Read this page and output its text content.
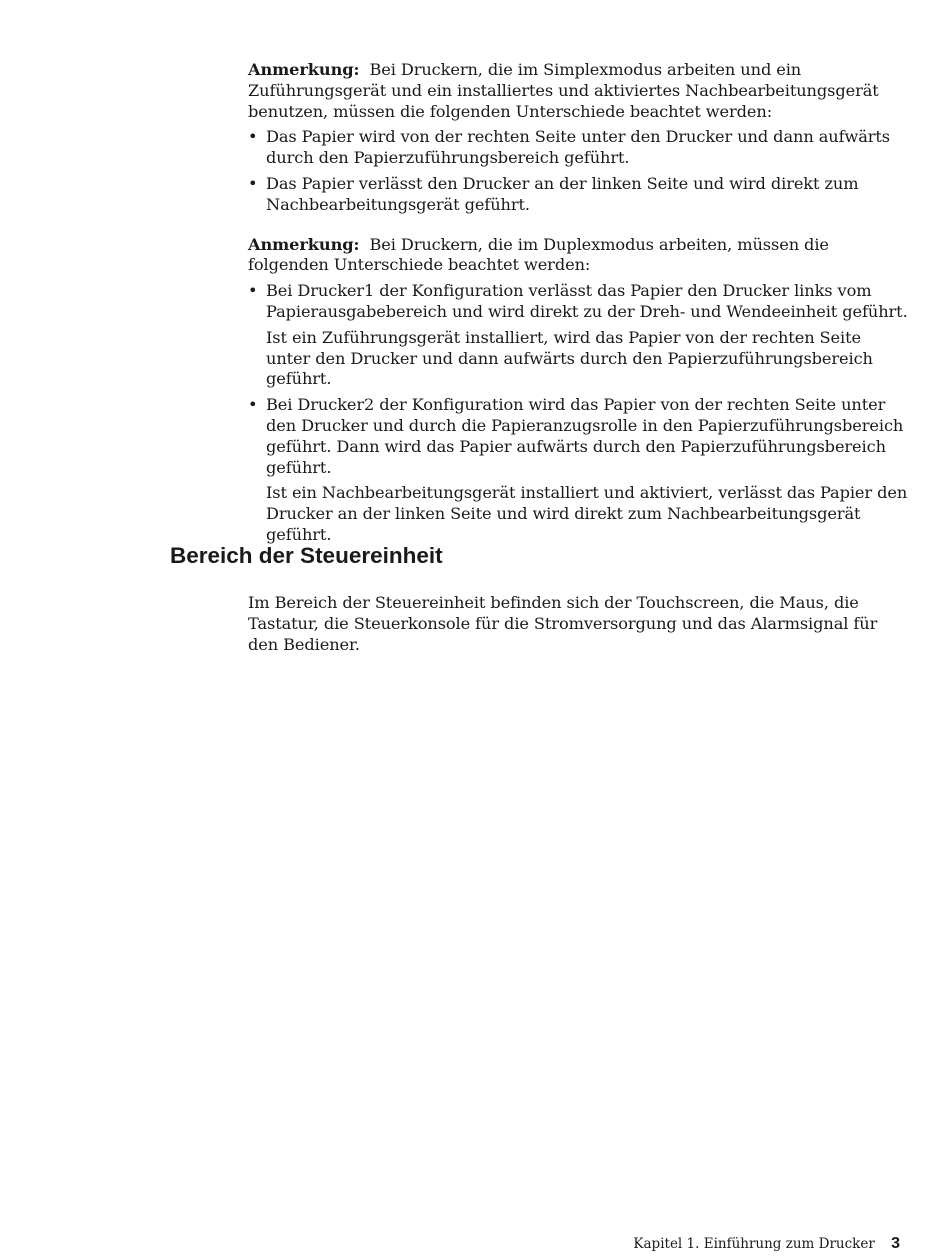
Anmerkung: Bei Druckern, die im Simplexmodus arbeiten und ein Zuführungsgerät und ein installiertes und aktiviertes Nachbearbeitungsgerät benutzen, müssen die folgenden Unterschiede beachtet werden:

• Das Papier wird von der rechten Seite unter den Drucker und dann aufwärts durch den Papierzuführungsbereich geführt.
• Das Papier verlässt den Drucker an der linken Seite und wird direkt zum Nachbearbeitungsgerät geführt.

Anmerkung: Bei Druckern, die im Duplexmodus arbeiten, müssen die folgenden Unterschiede beachtet werden:

• Bei Drucker1 der Konfiguration verlässt das Papier den Drucker links vom Papierausgabebereich und wird direkt zu der Dreh- und Wendeeinheit geführt.
Ist ein Zuführungsgerät installiert, wird das Papier von der rechten Seite unter den Drucker und dann aufwärts durch den Papierzuführungsbereich geführt.
• Bei Drucker2 der Konfiguration wird das Papier von der rechten Seite unter den Drucker und durch die Papieranzugsrolle in den Papierzuführungsbereich geführt. Dann wird das Papier aufwärts durch den Papierzuführungsbereich geführt.
Ist ein Nachbearbeitungsgerät installiert und aktiviert, verlässt das Papier den Drucker an der linken Seite und wird direkt zum Nachbearbeitungsgerät geführt.
Bereich der Steuereinheit

Im Bereich der Steuereinheit befinden sich der Touchscreen, die Maus, die Tastatur, die Steuerkonsole für die Stromversorgung und das Alarmsignal für den Bediener.

Kapitel 1. Einführung zum Drucker 3
